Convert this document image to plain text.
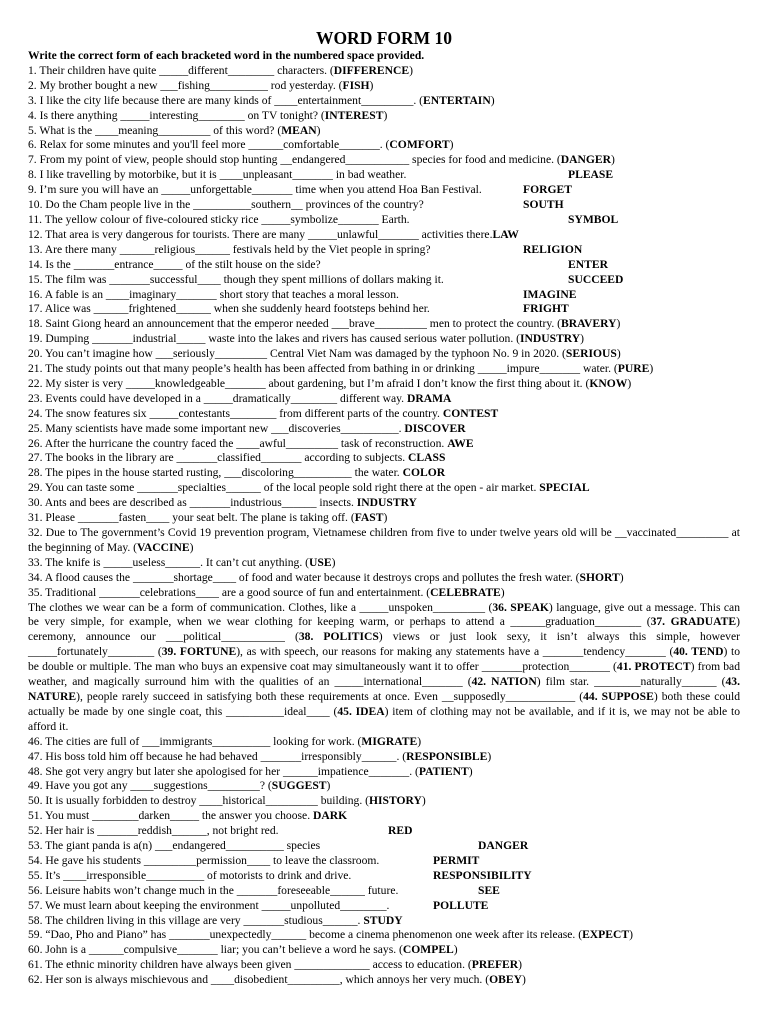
WORD FORM 10
Write the correct form of each bracketed word in the numbered space provided.
1. Their children have quite _____different________ characters. (DIFFERENCE)
2. My brother bought a new ___fishing__________ rod yesterday. (FISH)
3. I like the city life because there are many kinds of ____entertainment_________. (ENTERTAIN)
4. Is there anything _____interesting________ on TV tonight? (INTEREST)
5. What is the ____meaning_________ of this word? (MEAN)
6. Relax for some minutes and you'll feel more ______comfortable_______. (COMFORT)
7. From my point of view, people should stop hunting __endangered___________ species for food and medicine. (DANGER)
8. I like travelling by motorbike, but it is ____unpleasant_______ in bad weather.	PLEASE
9. I’m sure you will have an _____unforgettable_______ time when you attend Hoa Ban Festival.	FORGET
10. Do the Cham people live in the __________southern__ provinces of the country?	SOUTH
11. The yellow colour of five-coloured sticky rice _____symbolize_______ Earth.	SYMBOL
12. That area is very dangerous for tourists. There are many _____unlawful_______ activities there.LAW
13. Are there many ______religious______ festivals held by the Viet people in spring?	RELIGION
14. Is the _______entrance_____ of the stilt house on the side?	ENTER
15. The film was _______successful____ though they spent millions of dollars making it.	SUCCEED
16. A fable is an ____imaginary_______ short story that teaches a moral lesson.	IMAGINE
17. Alice was ______frightened______ when she suddenly heard footsteps behind her.	FRIGHT
18. Saint Giong heard an announcement that the emperor needed ___brave_________ men to protect the country. (BRAVERY)
19. Dumping _______industrial_____ waste into the lakes and rivers has caused serious water pollution. (INDUSTRY)
20. You can’t imagine how ___seriously_________ Central Viet Nam was damaged by the typhoon No. 9 in 2020. (SERIOUS)
21. The study points out that many people’s health has been affected from bathing in or drinking _____impure_______ water. (PURE)
22. My sister is very _____knowledgeable_______ about gardening, but I’m afraid I don’t know the first thing about it. (KNOW)
23. Events could have developed in a _____dramatically________ different way. DRAMA
24. The snow features six _____contestants________ from different parts of the country. CONTEST
25. Many scientists have made some important new ___discoveries__________. DISCOVER
26. After the hurricane the country faced the ____awful_________ task of reconstruction. AWE
27. The books in the library are _______classified_______ according to subjects. CLASS
28. The pipes in the house started rusting, ___discoloring__________ the water. COLOR
29. You can taste some _______specialties______ of the local people sold right there at the open - air market. SPECIAL
30. Ants and bees are described as _______industrious______ insects. INDUSTRY
31. Please _______fasten____ your seat belt. The plane is taking off. (FAST)
32. Due to The government’s Covid 19 prevention program, Vietnamese children from five to under twelve years old will be __vaccinated_________ at the beginning of May. (VACCINE)
33. The knife is _____useless______. It can’t cut anything. (USE)
34. A flood causes the _______shortage____ of food and water because it destroys crops and pollutes the fresh water. (SHORT)
35. Traditional _______celebrations____ are a good source of fun and entertainment. (CELEBRATE)
The clothes we wear can be a form of communication. Clothes, like a _____unspoken_________ (36. SPEAK) language, give out a message. This can be very simple, for example, when we wear clothing for keeping warm, or perhaps to attend a ______graduation________ (37. GRADUATE) ceremony, announce our ___political___________ (38. POLITICS) views or just look sexy, it isn’t always this simple, however _____fortunately________ (39. FORTUNE), as with speech, our reasons for making any statements have a _______tendency_______ (40. TEND) to be double or multiple. The man who buys an expensive coat may simultaneously want it to offer _______protection_______ (41. PROTECT) from bad weather, and magically surround him with the qualities of an _____international_______ (42. NATION) film star. ________naturally______ (43. NATURE), people rarely succeed in satisfying both these requirements at once. Even __supposedly____________ (44. SUPPOSE) both these could actually be made by one single coat, this __________ideal____ (45. IDEA) item of clothing may not be available, and if it is, we may not be able to afford it.
46. The cities are full of ___immigrants__________ looking for work. (MIGRATE)
47. His boss told him off because he had behaved _______irresponsibly______. (RESPONSIBLE)
48. She got very angry but later she apologised for her ______impatience_______. (PATIENT)
49. Have you got any ____suggestions_________? (SUGGEST)
50. It is usually forbidden to destroy ____historical_________ building. (HISTORY)
51. You must ________darken_____ the answer you choose. DARK
52. Her hair is _______reddish______, not bright red.	RED
53. The giant panda is a(n) ___endangered__________ species	DANGER
54. He gave his students _________permission____ to leave the classroom.	PERMIT
55. It’s ____irresponsible__________ of motorists to drink and drive.	RESPONSIBILITY
56. Leisure habits won’t change much in the _______foreseeable______ future.	SEE
57. We must learn about keeping the environment _____unpolluted________.	POLLUTE
58. The children living in this village are very _______studious______. STUDY
59. “Dao, Pho and Piano” has _______unexpectedly______ become a cinema phenomenon one week after its release. (EXPECT)
60. John is a ______compulsive_______ liar; you can’t believe a word he says. (COMPEL)
61. The ethnic minority children have always been given _____________ access to education. (PREFER)
62. Her son is always mischievous and ____disobedient_________, which annoys her very much. (OBEY)
